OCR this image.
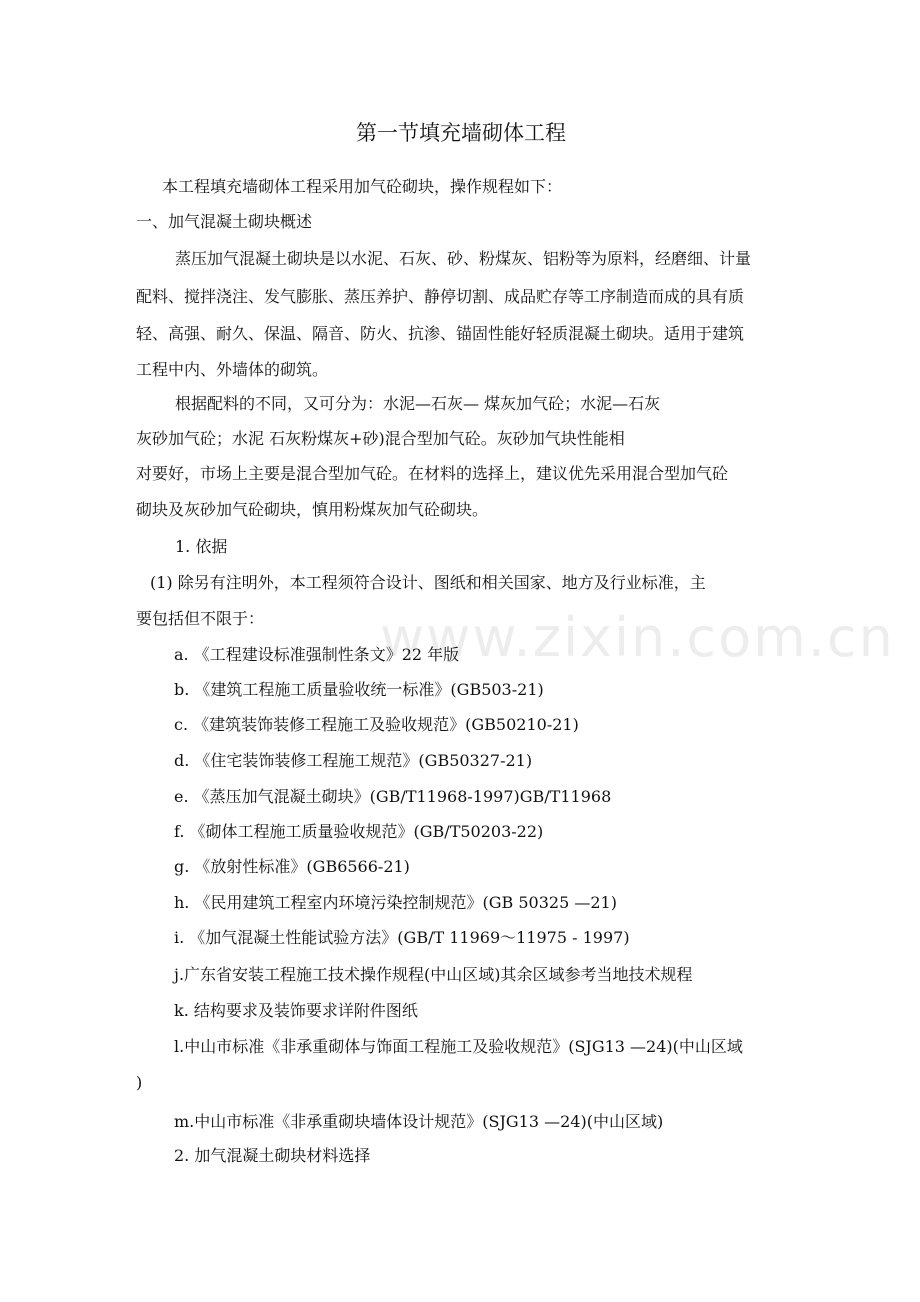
第一节填充墙砌体工程
本工程填充墙砌体工程采用加气砼砌块，操作规程如下：
一、加气混凝土砌块概述
蒸压加气混凝土砌块是以水泥、石灰、砂、粉煤灰、铝粉等为原料，经磨细、计量
配料、搅拌浇注、发气膨胀、蒸压养护、静停切割、成品贮存等工序制造而成的具有质
轻、高强、耐久、保温、隔音、防火、抗渗、锚固性能好轻质混凝土砌块。适用于建筑
工程中内、外墙体的砌筑。
根据配料的不同，又可分为：水泥—石灰— 煤灰加气砼；水泥—石灰
灰砂加气砼；水泥 石灰粉煤灰+砂)混合型加气砼。灰砂加气块性能相
对要好，市场上主要是混合型加气砼。在材料的选择上，建议优先采用混合型加气砼
砌块及灰砂加气砼砌块，慎用粉煤灰加气砼砌块。
1. 依据
(1) 除另有注明外，本工程须符合设计、图纸和相关国家、地方及行业标准，主
要包括但不限于：
a. 《工程建设标准强制性条文》22 年版
b. 《建筑工程施工质量验收统一标准》(GB503-21)
c. 《建筑装饰装修工程施工及验收规范》(GB50210-21)
d. 《住宅装饰装修工程施工规范》(GB50327-21)
e. 《蒸压加气混凝土砌块》(GB/T11968-1997)GB/T11968
f. 《砌体工程施工质量验收规范》(GB/T50203-22)
g. 《放射性标准》(GB6566-21)
h. 《民用建筑工程室内环境污染控制规范》(GB 50325 —21)
i. 《加气混凝土性能试验方法》(GB/T 11969～11975 - 1997)
j.广东省安装工程施工技术操作规程(中山区域)其余区域参考当地技术规程
k. 结构要求及装饰要求详附件图纸
l.中山市标准《非承重砌体与饰面工程施工及验收规范》(SJG13 —24)(中山区域
)
m.中山市标准《非承重砌块墙体设计规范》(SJG13 —24)(中山区域)
2. 加气混凝土砌块材料选择
www.zixin.com.cn
